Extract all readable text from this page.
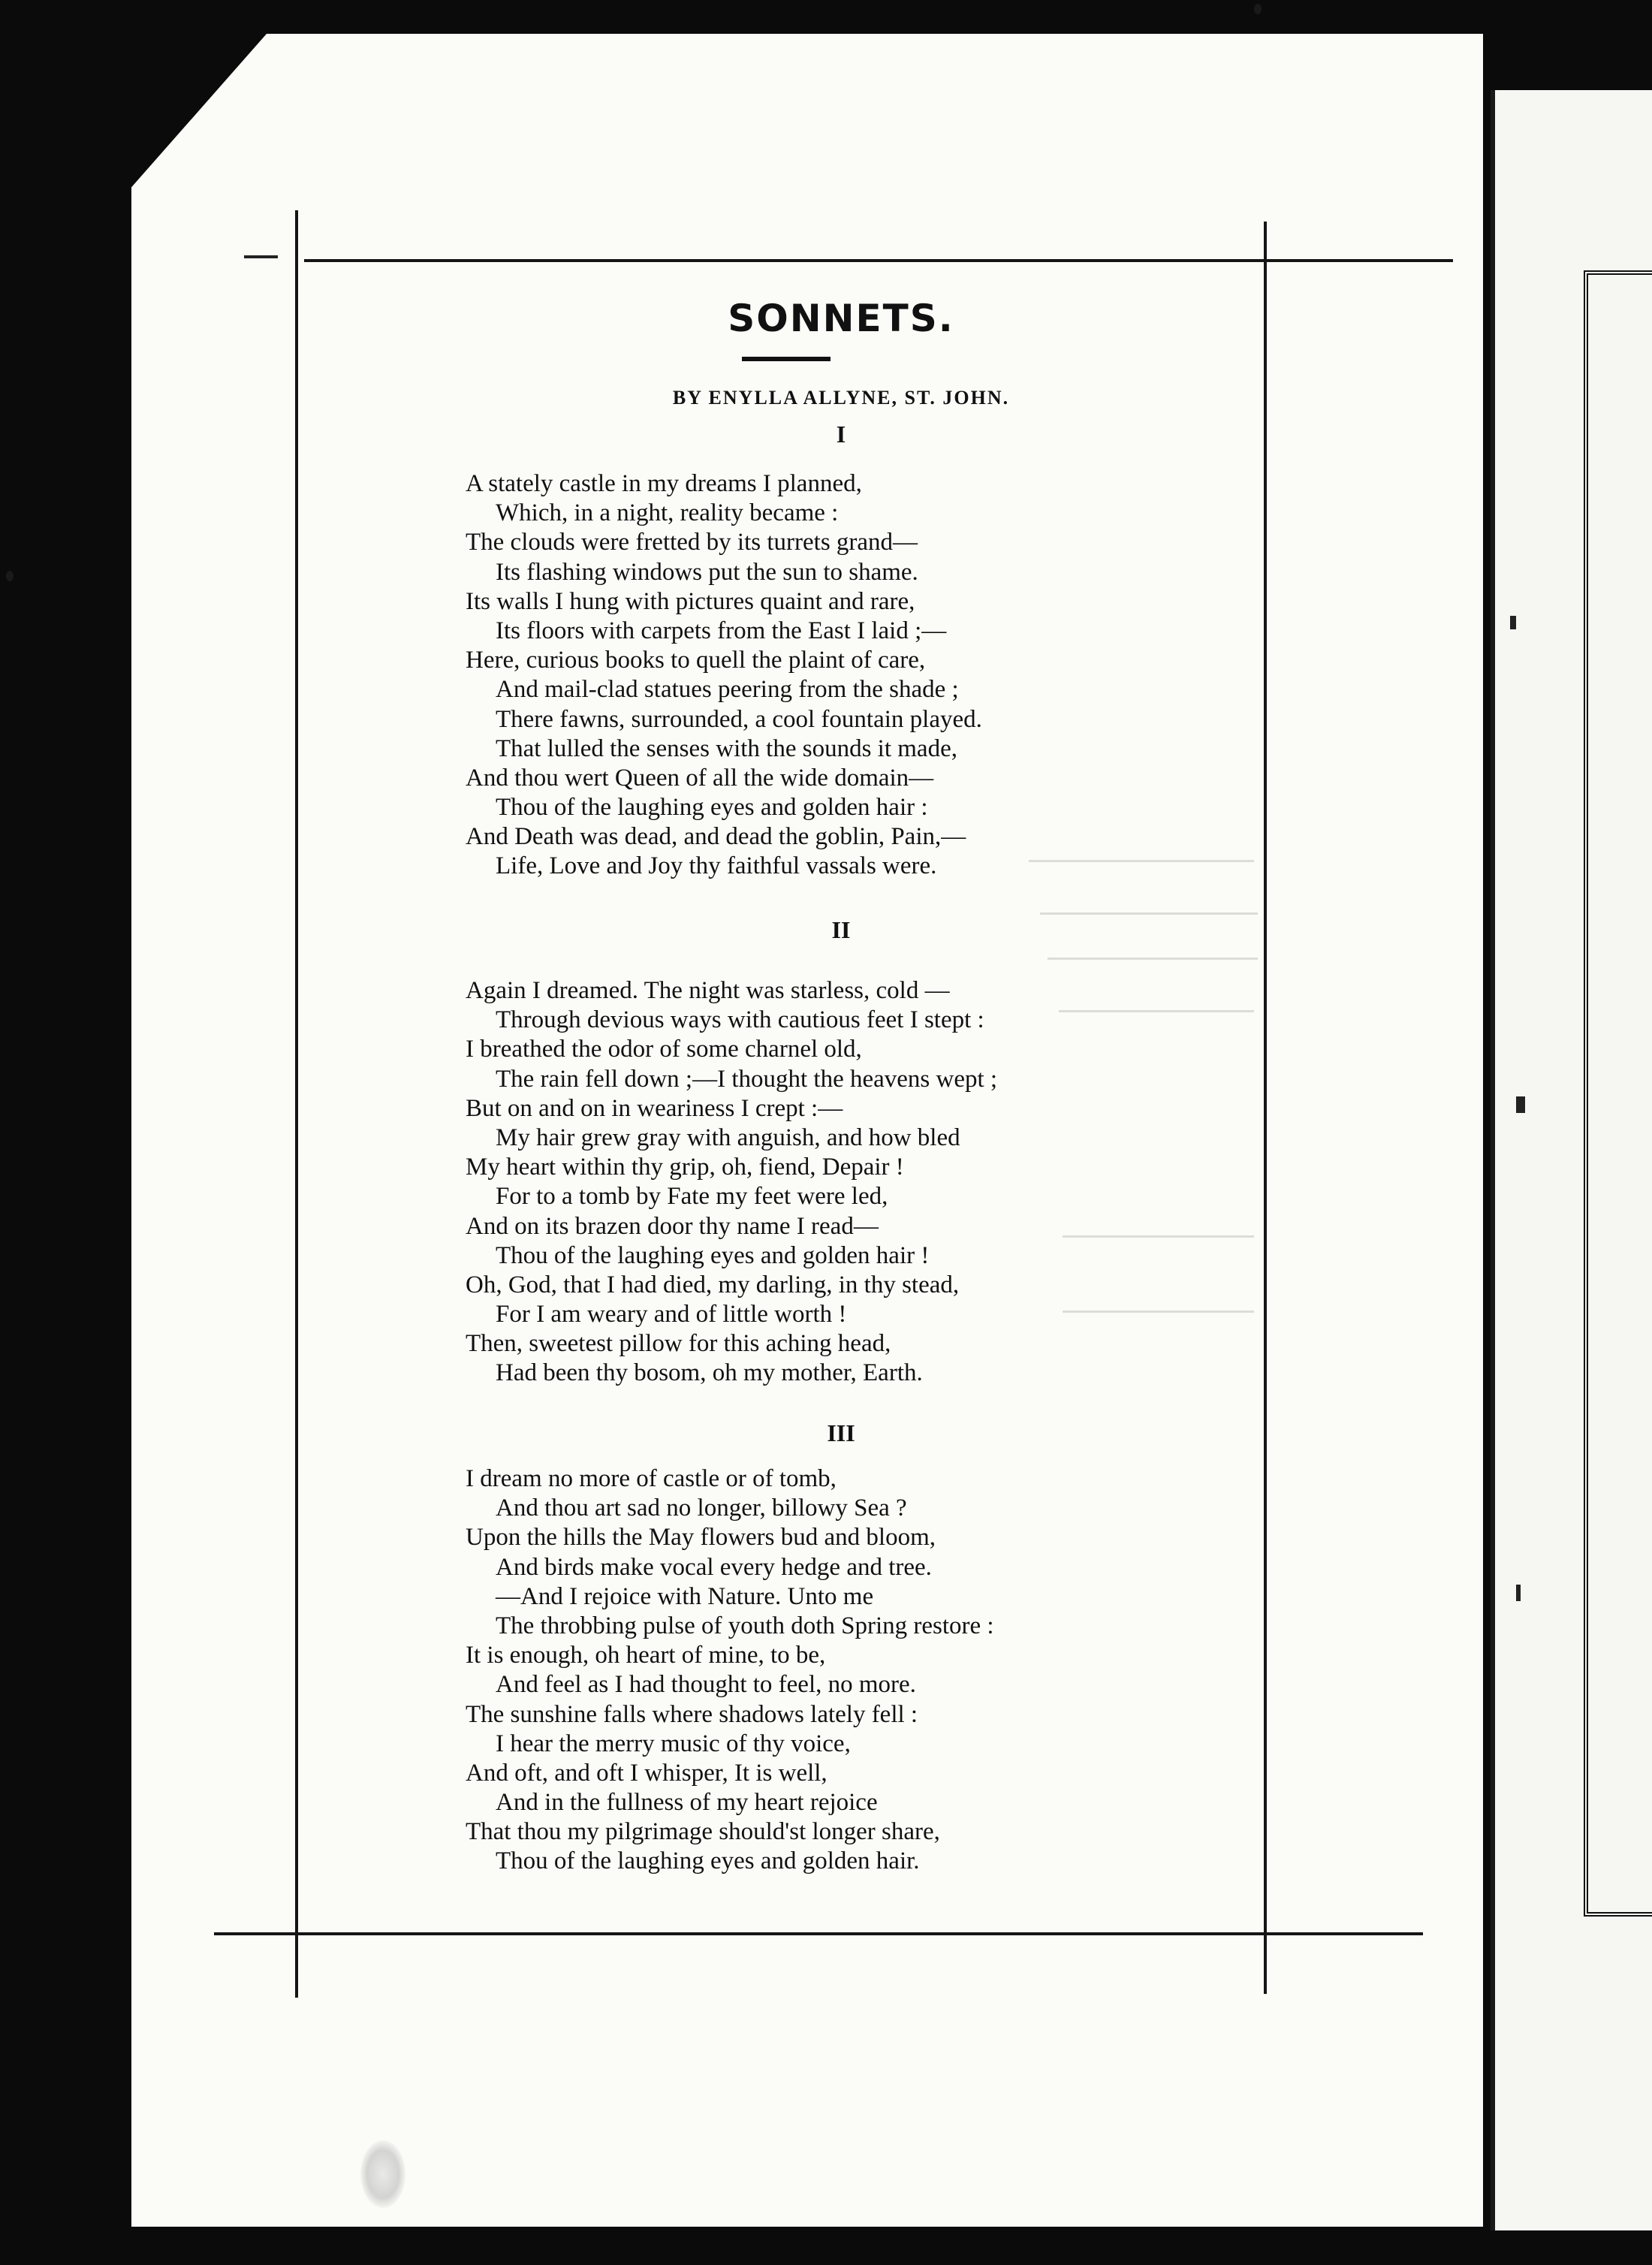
SONNETS.
BY ENYLLA ALLYNE, ST. JOHN.
I
A stately castle in my dreams I planned,
Which, in a night, reality became :
The clouds were fretted by its turrets grand—
Its flashing windows put the sun to shame.
Its walls I hung with pictures quaint and rare,
Its floors with carpets from the East I laid ;—
Here, curious books to quell the plaint of care,
And mail-clad statues peering from the shade ;
There fawns, surrounded, a cool fountain played.
That lulled the senses with the sounds it made,
And thou wert Queen of all the wide domain—
Thou of the laughing eyes and golden hair :
And Death was dead, and dead the goblin, Pain,—
Life, Love and Joy thy faithful vassals were.
II
Again I dreamed. The night was starless, cold —
Through devious ways with cautious feet I stept :
I breathed the odor of some charnel old,
The rain fell down ;—I thought the heavens wept ;
But on and on in weariness I crept :—
My hair grew gray with anguish, and how bled
My heart within thy grip, oh, fiend, Depair !
For to a tomb by Fate my feet were led,
And on its brazen door thy name I read—
Thou of the laughing eyes and golden hair !
Oh, God, that I had died, my darling, in thy stead,
For I am weary and of little worth !
Then, sweetest pillow for this aching head,
Had been thy bosom, oh my mother, Earth.
III
I dream no more of castle or of tomb,
And thou art sad no longer, billowy Sea ?
Upon the hills the May flowers bud and bloom,
And birds make vocal every hedge and tree.
—And I rejoice with Nature. Unto me
The throbbing pulse of youth doth Spring restore :
It is enough, oh heart of mine, to be,
And feel as I had thought to feel, no more.
The sunshine falls where shadows lately fell :
I hear the merry music of thy voice,
And oft, and oft I whisper, It is well,
And in the fullness of my heart rejoice
That thou my pilgrimage should'st longer share,
Thou of the laughing eyes and golden hair.
